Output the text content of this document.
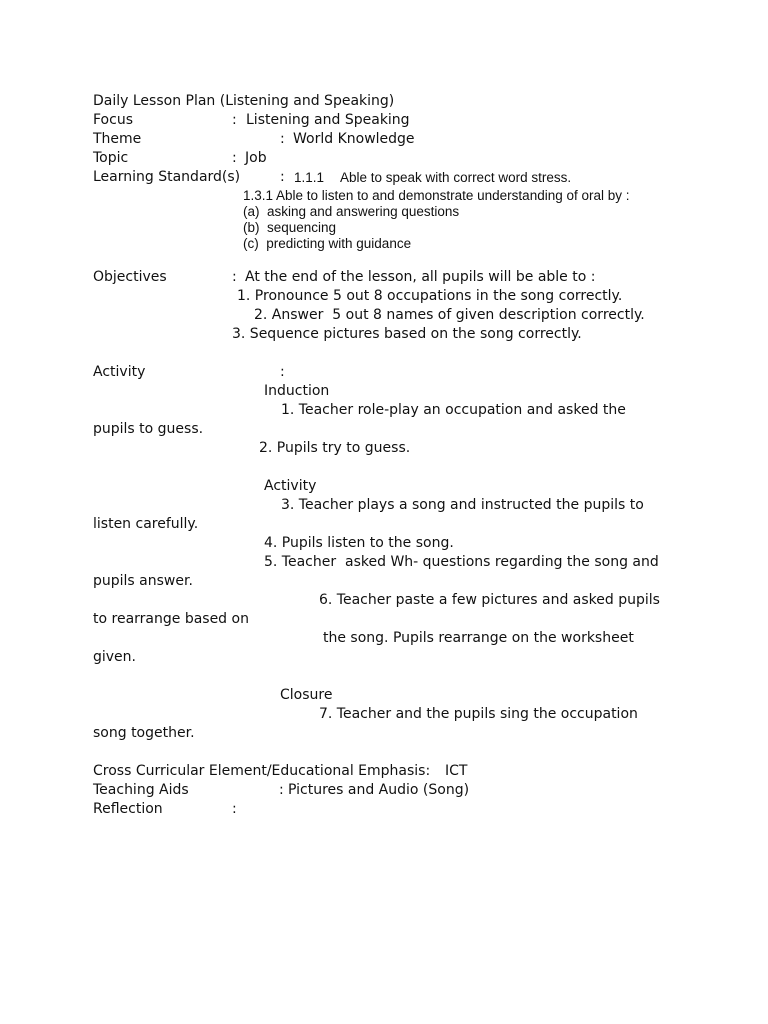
Daily Lesson Plan (Listening and Speaking)
Focus	: Listening and Speaking
Theme	: World Knowledge
Topic	: Job
Learning Standard(s)	: 1.1.1 Able to speak with correct word stress.
1.3.1 Able to listen to and demonstrate understanding of oral by :
(a)  asking and answering questions
(b)  sequencing
(c)  predicting with guidance
Objectives	: At the end of the lesson, all pupils will be able to :
1. Pronounce 5 out 8 occupations in the song correctly.
2. Answer  5 out 8 names of given description correctly.
3. Sequence pictures based on the song correctly.
Activity	:
Induction
1. Teacher role-play an occupation and asked the
pupils to guess.
2. Pupils try to guess.
Activity
3. Teacher plays a song and instructed the pupils to
listen carefully.
4. Pupils listen to the song.
5. Teacher  asked Wh- questions regarding the song and
pupils answer.
6. Teacher paste a few pictures and asked pupils
to rearrange based on
the song. Pupils rearrange on the worksheet
given.
Closure
7. Teacher and the pupils sing the occupation
song together.
Cross Curricular Element/Educational Emphasis: ICT
Teaching Aids	: Pictures and Audio (Song)
Reflection	:
